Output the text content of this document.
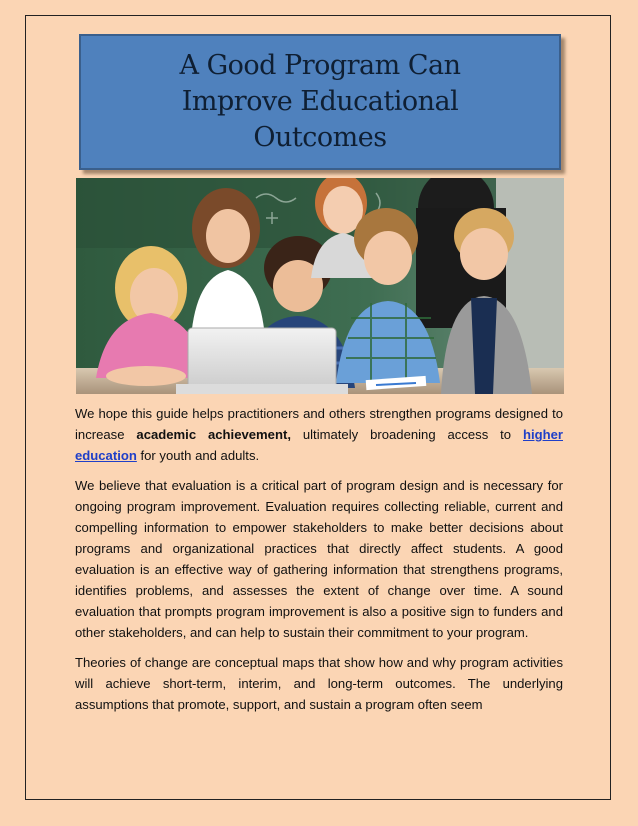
A Good Program Can Improve Educational Outcomes

We hope this guide helps practitioners and others strengthen programs designed to increase academic achievement, ultimately broadening access to higher education for youth and adults.

We believe that evaluation is a critical part of program design and is necessary for ongoing program improvement. Evaluation requires collecting reliable, current and compelling information to empower stakeholders to make better decisions about programs and organizational practices that directly affect students. A good evaluation is an effective way of gathering information that strengthens programs, identifies problems, and assesses the extent of change over time. A sound evaluation that prompts program improvement is also a positive sign to funders and other stakeholders, and can help to sustain their commitment to your program.

Theories of change are conceptual maps that show how and why program activities will achieve short-term, interim, and long-term outcomes. The underlying assumptions that promote, support, and sustain a program often seem
